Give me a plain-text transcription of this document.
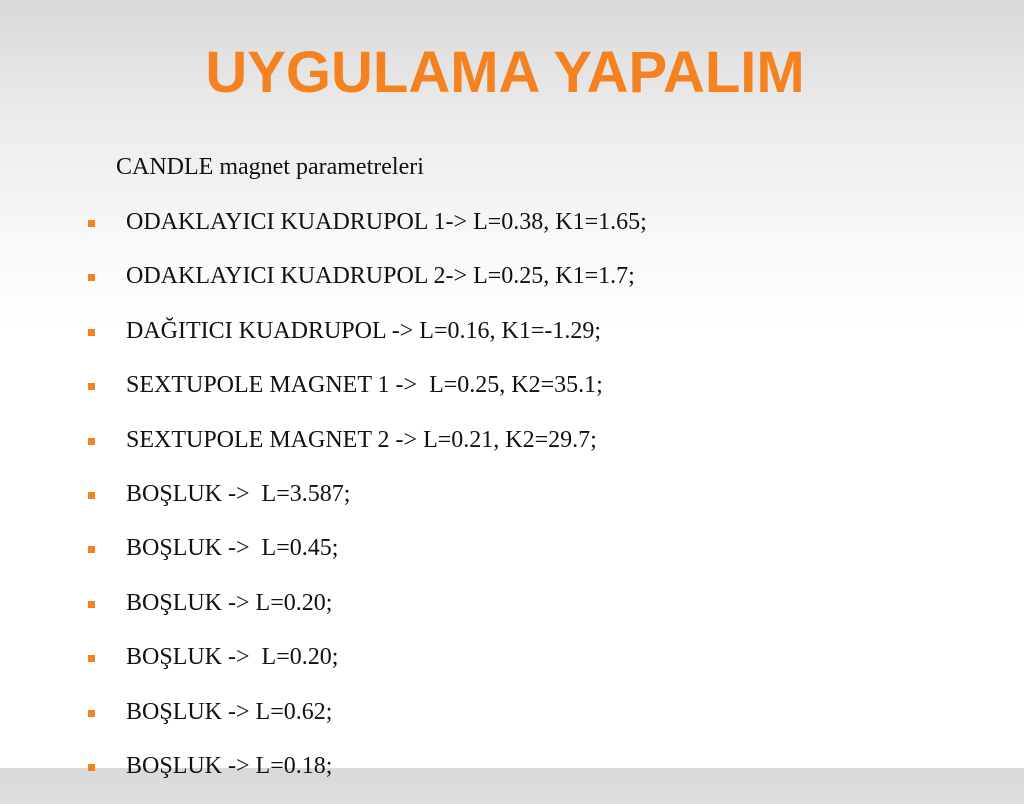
UYGULAMA YAPALIM
CANDLE magnet parametreleri
ODAKLAYICI KUADRUPOL 1-> L=0.38, K1=1.65;
ODAKLAYICI KUADRUPOL 2-> L=0.25, K1=1.7;
DAĞITICI KUADRUPOL -> L=0.16, K1=-1.29;
SEXTUPOLE MAGNET 1 ->  L=0.25, K2=35.1;
SEXTUPOLE MAGNET 2 -> L=0.21, K2=29.7;
BOŞLUK ->  L=3.587;
BOŞLUK ->  L=0.45;
BOŞLUK -> L=0.20;
BOŞLUK ->  L=0.20;
BOŞLUK -> L=0.62;
BOŞLUK -> L=0.18;
